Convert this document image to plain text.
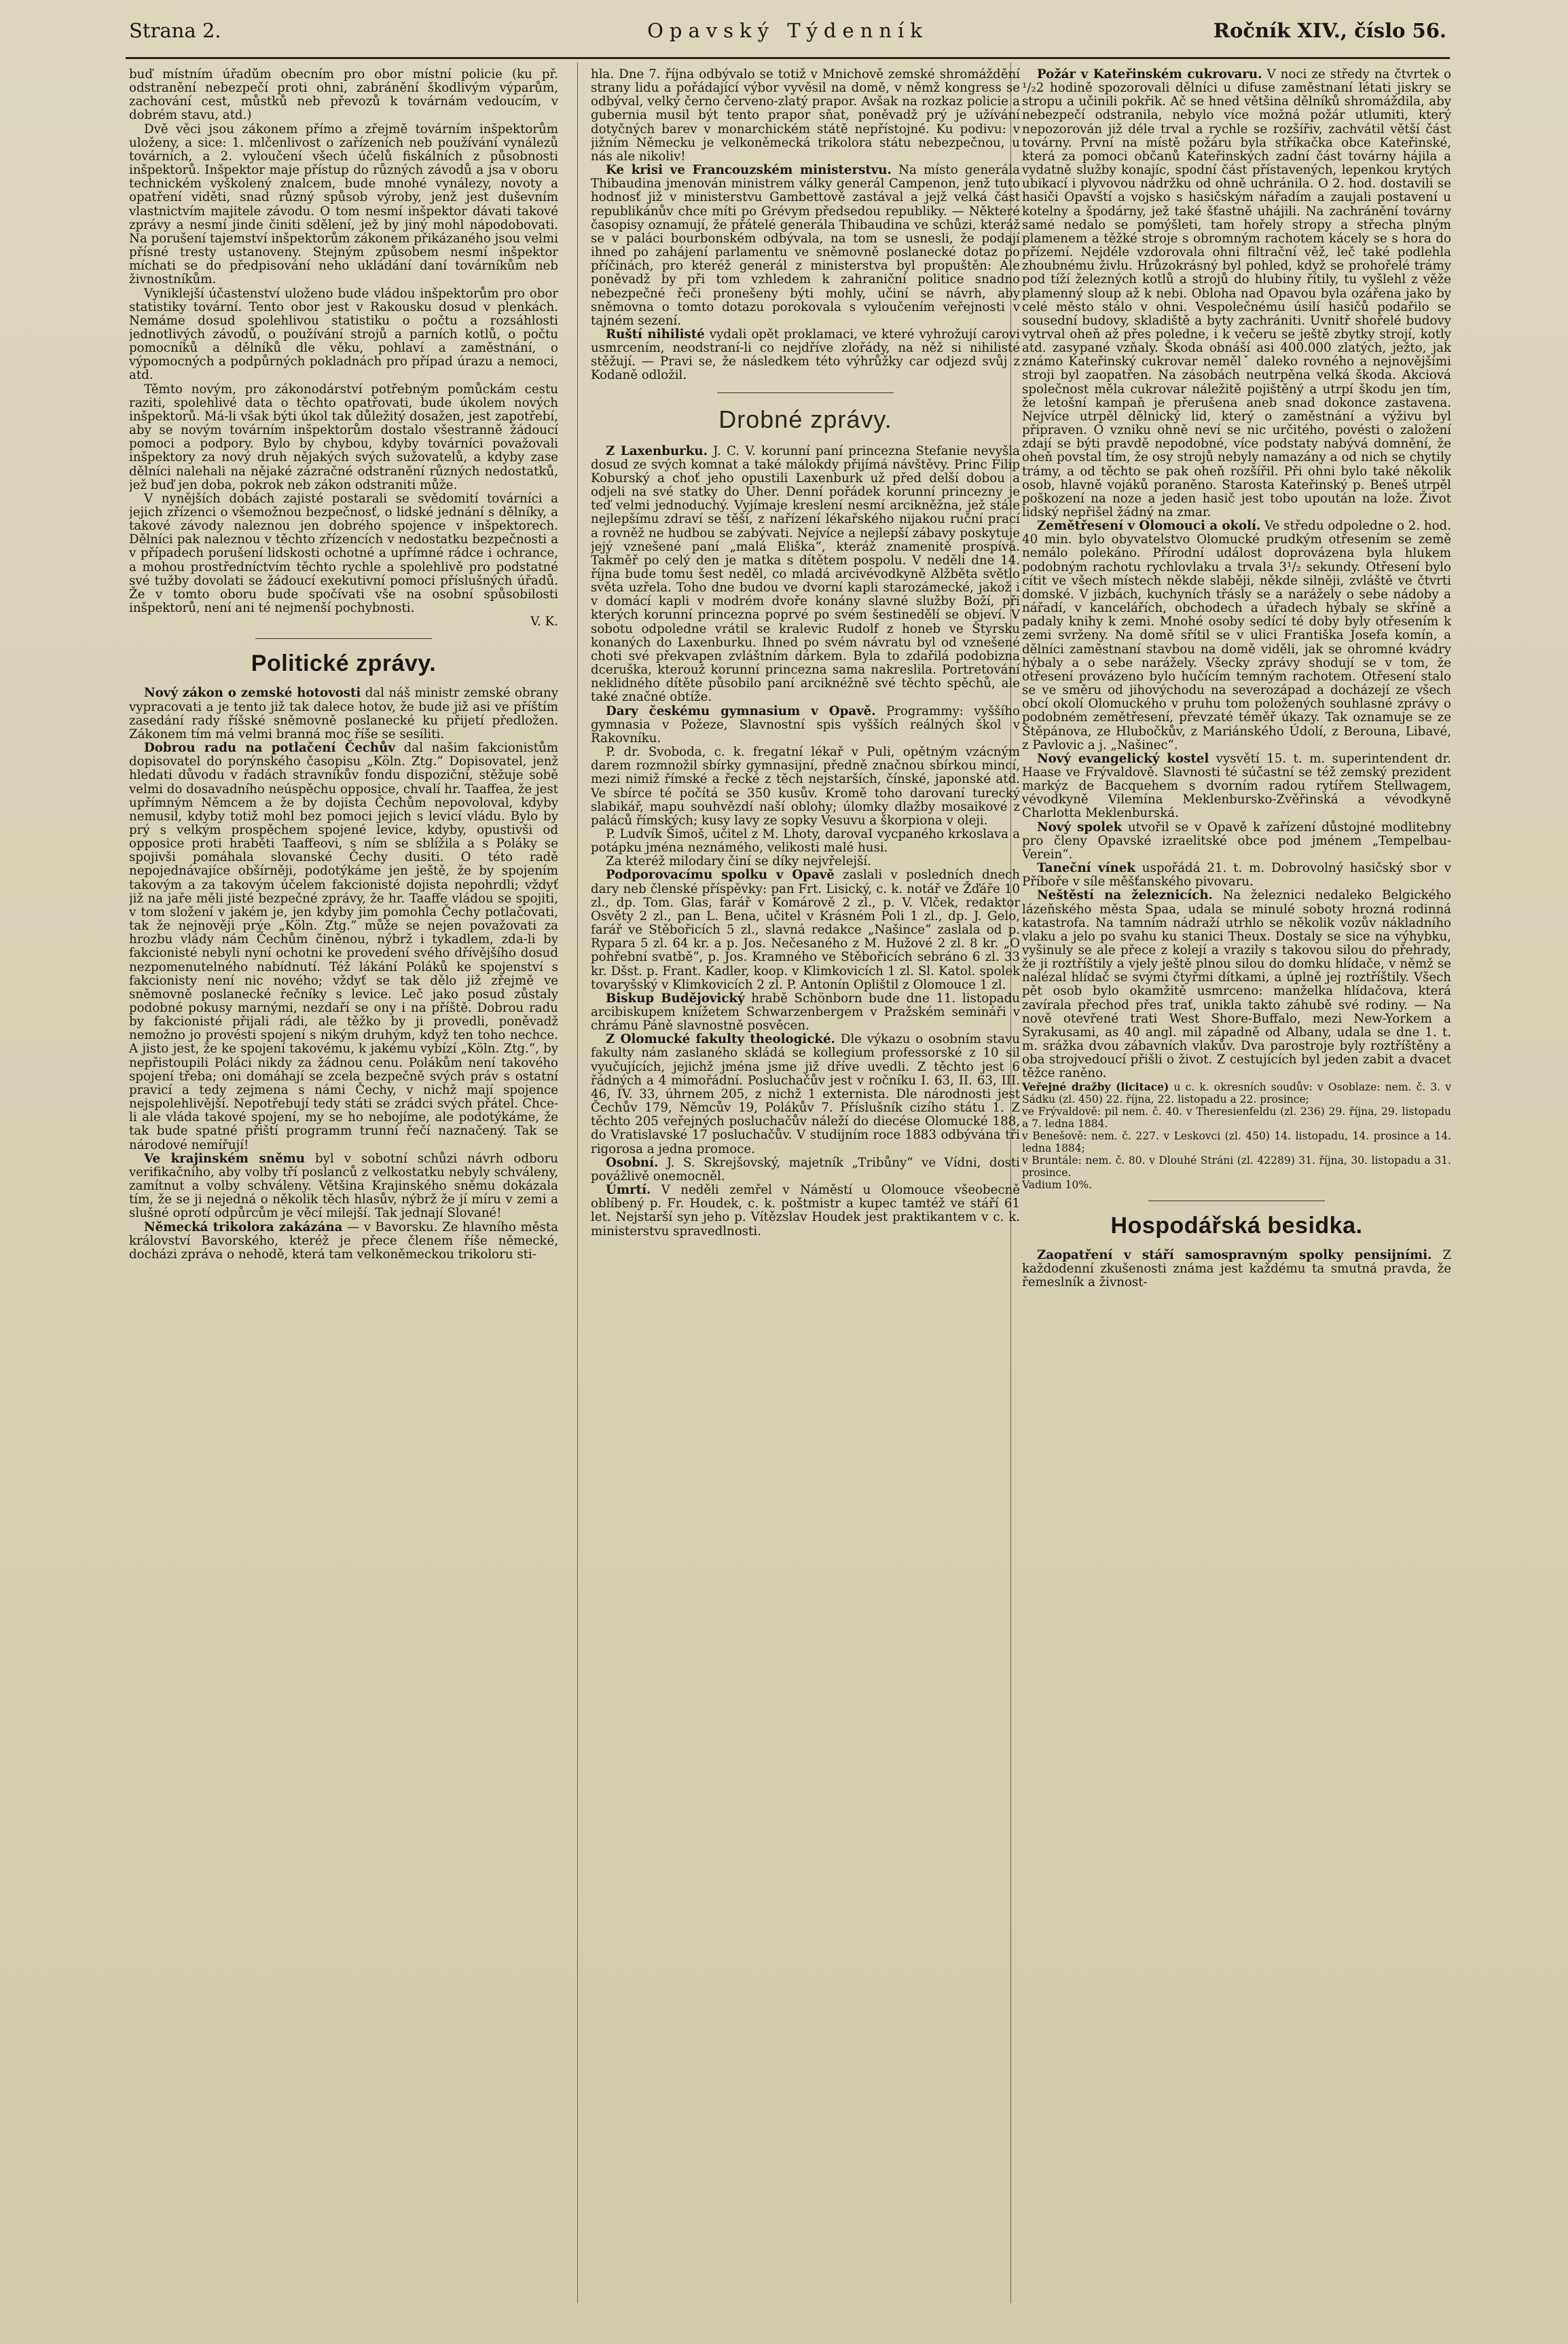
Strana 2.	Opavský Týdenník	Ročník XIV., číslo 56.

buď místním úřadům obecním pro obor místní policie (ku př. odstranění nebezpečí proti ohni, zabránění škodlivým výparům, zachování cest, můstků neb převozů k továrnám vedoucím, v dobrém stavu, atd.)

Dvě věci jsou zákonem přímo a zřejmě továrním inšpektorům uloženy, a sice: 1. mlčenlivost o zařízeních neb používání vynálezů továrních, a 2. vyloučení všech účelů fiskálních z působnosti inšpektorů. Inšpektor maje přístup do různých závodů a jsa v oboru technickém vyškolený znalcem, bude mnohé vynálezy, novoty a opatření viděti, snad různý spůsob výroby, jenž jest duševním vlastnictvím majitele závodu. O tom nesmí inšpektor dávati takové zprávy a nesmí jinde činiti sdělení, jež by jiný mohl nápodobovati. Na porušení tajemství inšpektorům zákonem přikázaného jsou velmi přísné tresty ustanoveny. Stejným způsobem nesmí inšpektor míchati se do předpisování neho ukládání daní továrníkům neb živnostníkům.

Vyniklejší účastenství uloženo bude vládou inšpektorům pro obor statistiky tovární. Tento obor jest v Rakousku dosud v plenkách. Nemáme dosud spolehlivou statistiku o počtu a rozsáhlosti jednotlivých závodů, o používání strojů a parních kotlů, o počtu pomocníků a dělníků dle věku, pohlaví a zaměstnání, o výpomocných a podpůrných pokladnách pro případ úrazu a nemoci, atd.

Těmto novým, pro zákonodárství potřebným pomůckám cestu raziti, spolehlivé data o těchto opatřovati, bude úkolem nových inšpektorů. Má-li však býti úkol tak důležitý dosažen, jest zapotřebí, aby se novým továrním inšpektorům dostalo všestranně žádoucí pomoci a podpory. Bylo by chybou, kdyby továrníci považovali inšpektory za nový druh nějakých svých sužovatelů, a kdyby zase dělníci nalehali na nějaké zázračné odstranění různých nedostatků, jež buď jen doba, pokrok neb zákon odstraniti může.

V nynějších dobách zajisté postarali se svědomití továrníci a jejich zřízenci o všemožnou bezpečnosť, o lidské jednání s dělníky, a takové závody naleznou jen dobrého spojence v inšpektorech. Dělníci pak naleznou v těchto zřízencích v nedostatku bezpečnosti a v případech porušení lidskosti ochotné a upřímné rádce i ochrance, a mohou prostředníctvím těchto rychle a spolehlivě pro podstatné své tužby dovolati se žádoucí exekutivní pomoci příslušných úřadů. Že v tomto oboru bude spočívati vše na osobní spůsobilosti inšpektorů, není ani té nejmenší pochybnosti.

V. K.

Politické zprávy.

Nový zákon o zemské hotovosti dal náš ministr zemské obrany vypracovati a je tento již tak dalece hotov, že bude již asi ve příštím zasedání rady říšské sněmovně poslanecké ku přijetí předložen. Zákonem tím má velmi branná moc říše se sesíliti.

Dobrou radu na potlačení Čechův dal našim fakcionistům dopisovatel do porýnského časopisu „Köln. Ztg.“ Dopisovatel, jenž hledati důvodu v řadách stravníkův fondu dispoziční, stěžuje sobě velmi do dosavadního neúspěchu opposice, chvalí hr. Taaffea, že jest upřímným Němcem a že by dojista Čechům nepovoloval, kdyby nemusil, kdyby totiž mohl bez pomoci jejich s levicí vládu. Bylo by prý s velkým prospěchem spojené levice, kdyby, opustivši od opposice proti hraběti Taaffeovi, s ním se sblížila a s Poláky se spojivši pomáhala slovanské Čechy dusiti. O této radě nepojednávajíce obšírněji, podotýkáme jen ještě, že by spojením takovým a za takovým účelem fakcionisté dojista nepohrdli; vždyť již na jaře měli jisté bezpečné zprávy, že hr. Taaffe vládou se spojiti, v tom složení v jakém je, jen kdyby jim pomohla Čechy potlačovati, tak že nejnověji prýe „Köln. Ztg.“ může se nejen považovati za hrozbu vlády nám Čechům činěnou, nýbrž i tykadlem, zda-li by fakcionisté nebyli nyní ochotni ke provedení svého dřívějšího dosud nezpomenutelného nabídnutí. Též lákání Poláků ke spojenství s fakcionisty není nic nového; vždyť se tak dělo již zřejmě ve sněmovně poslanecké řečníky s levice. Leč jako posud zůstaly podobné pokusy marnými, nezdaří se ony i na příště. Dobrou radu by fakcionisté přijali rádi, ale těžko by ji provedli, poněvadž nemožno jo provésti spojení s nikým druhým, když ten toho nechce. A jisto jest, že ke spojení takovému, k jakému vybízí „Köln. Ztg.“, by nepřistoupili Poláci nikdy za žádnou cenu. Polákům není takového spojení třeba; oni domáhají se zcela bezpečně svých práv s ostatní pravicí a tedy zejmena s námi Čechy, v nichž mají spojence nejspolehlivější. Nepotřebují tedy státi se zrádci svých přátel. Chce-li ale vláda takové spojení, my se ho nebojíme, ale podotýkáme, že tak bude spatné přiští programm trunní řečí naznačený. Tak se národové nemířují!

Ve krajinském sněmu byl v sobotní schůzi návrh odboru verifikačního, aby volby tří poslanců z velkostatku nebyly schváleny, zamítnut a volby schváleny. Většina Krajinského sněmu dokázala tím, že se ji nejedná o několik těch hlasův, nýbrž že jí míru v zemi a slušné oprotí odpůrcům je věcí milejší. Tak jednají Slované!

Německá trikolora zakázána — v Bavorsku. Ze hlavního města království Bavorského, kteréž je přece členem říše německé, docházi zpráva o nehodě, která tam velkoněmeckou trikoloru sti-

hla. Dne 7. října odbývalo se totiž v Mnichově zemské shromáždění strany lidu a pořádající výbor vyvěsil na domě, v němž kongress se odbýval, velký černo červeno-zlatý prapor. Avšak na rozkaz policie a guberniа musil být tento prapor sňat, poněvadž prý je užívání dotyčných barev v monarchickém státě nepřístojné. Ku podivu: v jižním Německu je velkoněmecká trikolora státu nebezpečnou, u nás ale nikoliv!

Ke krisi ve Francouzském ministerstvu. Na místo generála Thibaudina jmenován ministrem války generál Campenon, jenž tuto hodnosť již v ministerstvu Gambettově zastával a jejž velká část republikánův chce míti po Grévym předsedou republiky. — Některé časopisy oznamují, že přátelé generála Thibaudina ve schůzi, kteráž se v paláci bourbonském odbývala, na tom se usnesli, že podají ihned po zahájení parlamentu ve sněmovně poslanecké dotaz po příčinách, pro kteréž generál z ministerstva byl propuštěn: Ale poněvadž by při tom vzhledem k zahraniční politice snadno nebezpečné řeči pronešeny býti mohly, učiní se návrh, aby sněmovna o tomto dotazu porokovala s vyloučením veřejnosti v tajném sezení.

Ruští nihilisté vydali opět proklamaci, ve které vyhrožují carovi usmrcením, neodstraní-li co nejdříve zlořády, na něž si nihilisté stěžují. — Pravi se, že následkem této výhrůžky car odjezd svůj z Kodaně odložil.

Drobné zprávy.

Z Laxenburku. J. C. V. korunní paní princezna Stefanie nevyšla dosud ze svých komnat a také málokdy přijímá návštěvy. Princ Filip Koburský a choť jeho opustili Laxenburk už před delší dobou a odjeli na své statky do Uher. Denní pořádek korunní princezny je teď velmi jednoduchý. Vyjímaje kreslení nesmí arcikněžna, jež stále nejlepšímu zdraví se těší, z nařízení lékařského nijakou ruční prací a rovněž ne hudbou se zabývati. Nejvíce a nejlepší zábavy poskytuje jejý vznešené paní „malá Eliška“, kteráž znamenitě prospívá. Takměř po celý den je matka s dítětem pospolu. V neděli dne 14. října bude tomu šest neděl, co mladá arcivévodkyně Alžběta světlo světa uzřela. Toho dne budou ve dvorní kapli starozámecké, jakož i v domácí kapli v modrém dvoře konány slavné služby Boží, při kterých korunní princezna poprvé po svém šestinedělí se objeví. V sobotu odpoledne vrátil se kralevic Rudolf z honeb ve Štyrsku konaných do Laxenburku. Ihned po svém návratu byl od vznešené choti své překvapen zvláštním dárkem. Byla to zdařilá podobizna dceruška, kterouž korunní princezna sama nakreslila. Portretování neklidného dítěte působilo paní arciknéžně své těchto spěchů, ale také značné obtíže.

Dary českému gymnasium v Opavě. Programmy: vyššího gymnasia v Požeze, Slavnostní spis vyšších reálných škol v Rakovníku.

P. dr. Svoboda, c. k. fregatní lékař v Puli, opětným vzácným darem rozmnožil sbírky gymnasijní, předně značnou sbírkou mincí, mezi nimiž římské a řecké z těch nejstarších, čínské, japonské atd. Ve sbírce té počítá se 350 kusův. Kromě toho darovaní turecký slabikář, mapu souhvězdí naší oblohy; úlomky dlažby mosaikové z paláců římských; kusy lavy ze sopky Vesuvu a škorpiona v oleji.

P. Ludvík Šimoš, učitel z M. Lhoty, darovaI vycpaného krkoslava a potápku jménа neznámého, velikosti malé husi.

Za kteréž milodary činí se díky nejvřelejší.

Podporovacímu spolku v Opavě zaslali v posledních dnech dary neb členské příspěvky: pan Frt. Lisický, c. k. notář ve Žďáře 10 zl., dp. Tom. Glas, farář v Komárově 2 zl., p. V. Vlček, redaktor Osvěty 2 zl., pan L. Bena, učitel v Krásném Poli 1 zl., dp. J. Gelo, farář ve Stěbořicích 5 zl., slavná redakce „Našince“ zaslala od p. Rypara 5 zl. 64 kr. a p. Jos. Nečesaného z M. Hužové 2 zl. 8 kr. „O pohřební svatbě“, p. Jos. Kramného ve Stěbořicích sebráno 6 zl. 33 kr. Dšst. p. Frant. Kadler, koop. v Klimkovicích 1 zl. Sl. Katol. spolek tovaryšský v Klimkovicích 2 zl. P. Antonín Oplištil z Olomouce 1 zl.

Biskup Budějovický hrabě Schönborn bude dne 11. listopadu arcibiskupem knížetem Schwarzenbergem v Pražském semináři v chrámu Páně slavnostně posvěcen.

Z Olomucké fakulty theologické. Dle výkazu o osobním stavu fakulty nám zaslaného skládá se kollegium professorské z 10 sil vyučujících, jejichž jména jsme již dříve uvedli. Z těchto jest 6 řádných a 4 mimořádní. Posluchačův jest v ročníku I. 63, II. 63, III. 46, IV. 33, úhrnem 205, z nichž 1 externista. Dle národnosti jest Čechův 179, Němcův 19, Polákův 7. Příslušník cizího státu 1. Z těchto 205 veřejných posluchačův náleží do diecése Olomucké 188, do Vratislavské 17 posluchačův. V studijním roce 1883 odbývána tři rigorosa a jedna promoce.

Osobní. J. S. Skrejšovský, majetník „Tribůny“ ve Vídni, dosti povážlivě onemocněl.

Úmrtí. V neděli zemřel v Náměstí u Olomouce všeobecně oblíbený p. Fr. Houdek, c. k. poštmistr a kupec tamtéž ve stáří 61 let. Nejstarší syn jeho p. Vítězslav Houdek jest praktikantem v c. k. ministerstvu spravedlnosti.

Požár v Kateřinském cukrovaru. V noci ze středy na čtvrtek o ¹/₂2 hodině spozorovali dělníci u difuse zaměstnaní létati jiskry se stropu a učinili pokřik. Ač se hned většina dělníků shromáždila, aby nebezpečí odstranila, nebylo více možná požár utlumiti, který nepozorován již déle trval a rychle se rozšířiv, zachvátil větší část továrny. První na místě požáru byla stříkačka obce Kateřinské, která za pomoci občanů Kateřinských zadní část továrny hájila a vydatně služby konajíc, spodní část přístavených, lepenkou krytých ubikací i plyvovou nádržku od ohně uchránila. O 2. hod. dostavili se hasiči Opavští a vojsko s hasičským nářadím a zaujali postavení u kotelny a špodárny, jež také šťastně uhájili. Na zachránění továrny samé nedalo se pomýšleti, tam hořely stropy a střecha plným plamenem a těžké stroje s obromným rachotem kácely se s hora do přízemí. Nejdéle vzdorovala ohni filtrační věž, leč také podlehla zhoubnému živlu. Hrůzokrásný byl pohled, když se prohořelé trámy pod tíží železných kotlů a strojů do hlubiny řítily, tu vyšlehl z věže plamenný sloup až k nebi. Obloha nad Opavou byla ozářena jako by celé město stálo v ohni. Vespolečnému úsilí hasičů podařilo se sousední budovy, skladiště a byty zachrániti. Uvnitř shořelé budovy vytrval oheň až přes poledne, i k večeru se ještě zbytky strojí, kotly atd. zasypané vzňaly. Škoda obnáší asi 400.000 zlatých, ježto, jak známo Kateřinský cukrovar nemělˇ daleko rovného a nejnovějšími stroji byl zaopatřen. Na zásobách neutrpěna velká škoda. Akciová společnost měla cukrovar náležitě pojištěný a utrpí škodu jen tím, že letošní kampaň je přerušena aneb snad dokonce zastavena. Nejvíce utrpěl dělnický lid, který o zaměstnání a výživu byl připraven. O vzniku ohně neví se nic určitého, povésti o založení zdají se býti pravdě nepodobné, více podstaty nabývá domnění, že oheň povstal tím, že osy strojů nebyly namazány a od nich se chytily trámy, a od těchto se pak oheň rozšířil. Při ohni bylo také několik osob, hlavně vojáků poraněno. Starosta Kateřinský p. Beneš utrpěl poškození na noze a jeden hasič jest tobo upoután na lože. Život lidský nepřišel žádný na zmar.

Zemětřesení v Olomouci a okolí. Ve středu odpoledne o 2. hod. 40 min. bylo obyvatelstvo Olomucké prudkým otřesením se země nemálo polekáno. Přírodní událost doprovázena byla hlukem podobným rachotu rychlovlaku a trvala 3¹/₂ sekundy. Otřesení bylo cítit ve všech místech někde slaběji, někde silněji, zvláště ve čtvrti domské. V jizbách, kuchyních třásly se a narážely o sebe nádoby a nářadí, v kancelářích, obchodech a úřadech hýbaly se skříně a padaly knihy k zemi. Mnohé osoby sedící té doby byly otřesením k zemi svrženy. Na domě sřítil se v ulici Františka Josefa komín, a dělníci zaměstnaní stavbou na domě viděli, jak se ohromné kvádry hýbaly a o sebe narážely. Všecky zprávy shodují se v tom, že otřesení provázeno bylo hučícím temným rachotem. Otřesení stalo se ve směru od jihovýchodu na severozápad a docházejí ze všech obcí okolí Olomuckého v pruhu tom položených souhlasné zprávy o podobném zemětřesení, převzaté téměř úkazy. Tak oznamuje se ze Štěpánova, ze Hlubočkův, z Mariánského Údolí, z Berouna, Libavé, z Pavlovic a j. „Našinec“.

Nový evangelický kostel vysvětí 15. t. m. superintendent dr. Haase ve Frývaldově. Slavnosti té súčastní se též zemský prezident markýz de Bacquehem s dvorním radou rytířem Stellwagem, vévodkyně Vilemína Meklenbursko-Zvěřinská a vévodkyně Charlotta Meklenburská.

Nový spolek utvořil se v Opavě k zařízení důstojné modlitebny pro členy Opavské izraelitské obce pod jménem „Tempelbau-Verein“.

Taneční vínek uspořádá 21. t. m. Dobrovolný hasičský sbor v Příboře v síle měšťanského pivovaru.

Neštěstí na železnicích. Na železnici nedaleko Belgického lázeňského města Spaa, udala se minulé soboty hrozná rodinná katastrofa. Na tamním nádraží utrhlo se několik vozův nákladního vlaku a jelo po svahu ku stanici Theux. Dostaly se sice na výhybku, vyšinuly se ale přece z kolejí a vrazily s takovou silou do přehrady, že ji roztříštily a vjely ještě plnou silou do domku hlídače, v němž se nalézal hlídač se svými čtyřmi dítkami, a úplně jej roztříštily. Všech pět osob bylo okamžitě usmrceno: manželka hlídačova, která zavírala přechod přes trať, unikla takto záhubě své rodiny. — Na nově otevřené trati West Shore-Buffalo, mezi New-Yorkem a Syrakusami, as 40 angl. mil západně od Albany, udala se dne 1. t. m. srážka dvou zábavních vlakův. Dva parostroje byly roztříštěny a oba strojvedoucí přišli o život. Z cestujících byl jeden zabit a dvacet těžce raněno.

Veřejné dražby (licitace) u c. k. okresních soudův: v Osoblaze: nem. č. 3. v Sádku (zl. 450) 22. října, 22. listopadu a 22. prosince;

ve Frývaldově: pil nem. č. 40. v Theresienfeldu (zl. 236) 29. října, 29. listopadu a 7. ledna 1884.

v Benešově: nem. č. 227. v Leskovci (zl. 450) 14. listopadu, 14. prosince a 14. ledna 1884;

v Bruntále: nem. č. 80. v Dlouhé Stráni (zl. 42289) 31. října, 30. listopadu a 31. prosince.

Vadium 10%.

Hospodářská besidka.

Zaopatření v stáří samospravným spolky pensijními. Z každodenní zkušenosti známa jest každému ta smutná pravda, že řemeslník a živnost-
